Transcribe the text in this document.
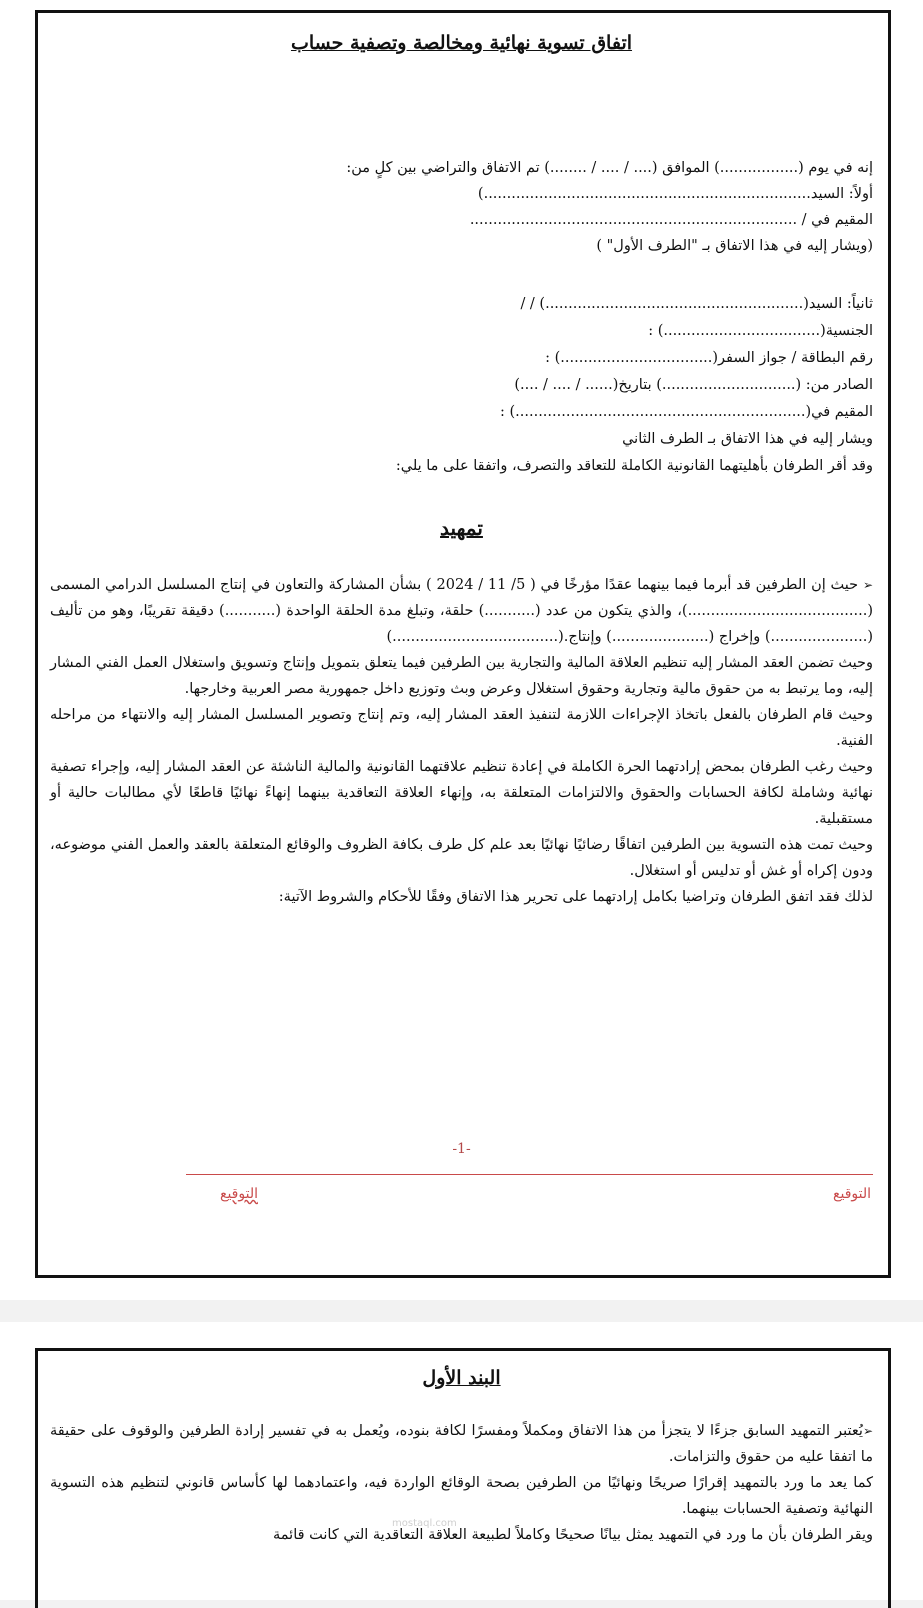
اتفاق تسوية نهائية ومخالصة وتصفية حساب
إنه في يوم (.................) الموافق (.... / .... / ........) تم الاتفاق والتراضي بين كلٍ من:
أولاً: السيد.......................................................................)
المقيم في / .......................................................................
(ويشار إليه في هذا الاتفاق بـ "الطرف الأول" )
ثانياً: السيد(........................................................) / /
الجنسية(..................................) :
رقم البطاقة / جواز السفر(.................................) :
الصادر من: (.............................) بتاريخ(...... / .... / ....)
المقيم في(...............................................................) :
ويشار إليه في هذا الاتفاق بـ الطرف الثاني
وقد أقر الطرفان بأهليتهما القانونية الكاملة للتعاقد والتصرف، واتفقا على ما يلي:
تمهيد

➢ حيث إن الطرفين قد أبرما فيما بينهما عقدًا مؤرخًا في ( 5/ 11 / 2024 ) بشأن المشاركة والتعاون في إنتاج المسلسل الدرامي المسمى (.......................................)، والذي يتكون من عدد (...........) حلقة، وتبلغ مدة الحلقة الواحدة (...........) دقيقة تقريبًا، وهو من تأليف (.....................) وإخراج (.....................) وإنتاج.(....................................)

وحيث تضمن العقد المشار إليه تنظيم العلاقة المالية والتجارية بين الطرفين فيما يتعلق بتمويل وإنتاج وتسويق واستغلال العمل الفني المشار إليه، وما يرتبط به من حقوق مالية وتجارية وحقوق استغلال وعرض وبث وتوزيع داخل جمهورية مصر العربية وخارجها.

وحيث قام الطرفان بالفعل باتخاذ الإجراءات اللازمة لتنفيذ العقد المشار إليه، وتم إنتاج وتصوير المسلسل المشار إليه والانتهاء من مراحله الفنية.

وحيث رغب الطرفان بمحض إرادتهما الحرة الكاملة في إعادة تنظيم علاقتهما القانونية والمالية الناشئة عن العقد المشار إليه، وإجراء تصفية نهائية وشاملة لكافة الحسابات والحقوق والالتزامات المتعلقة به، وإنهاء العلاقة التعاقدية بينهما إنهاءً نهائيًا قاطعًا لأي مطالبات حالية أو مستقبلية.

وحيث تمت هذه التسوية بين الطرفين اتفاقًا رضائيًا نهائيًا بعد علم كل طرف بكافة الظروف والوقائع المتعلقة بالعقد والعمل الفني موضوعه، ودون إكراه أو غش أو تدليس أو استغلال.

لذلك فقد اتفق الطرفان وتراضيا بكامل إرادتهما على تحرير هذا الاتفاق وفقًا للأحكام والشروط الآتية:

-1-
التوقيع
التوقيع
البند الأول

➢يُعتبر التمهيد السابق جزءًا لا يتجزأ من هذا الاتفاق ومكملاً ومفسرًا لكافة بنوده، ويُعمل به في تفسير إرادة الطرفين والوقوف على حقيقة ما اتفقا عليه من حقوق والتزامات.

كما يعد ما ورد بالتمهيد إقرارًا صريحًا ونهائيًا من الطرفين بصحة الوقائع الواردة فيه، واعتمادهما لها كأساس قانوني لتنظيم هذه التسوية النهائية وتصفية الحسابات بينهما.

ويقر الطرفان بأن ما ورد في التمهيد يمثل بيانًا صحيحًا وكاملاً لطبيعة العلاقة التعاقدية التي كانت قائمة

mostaql.com
